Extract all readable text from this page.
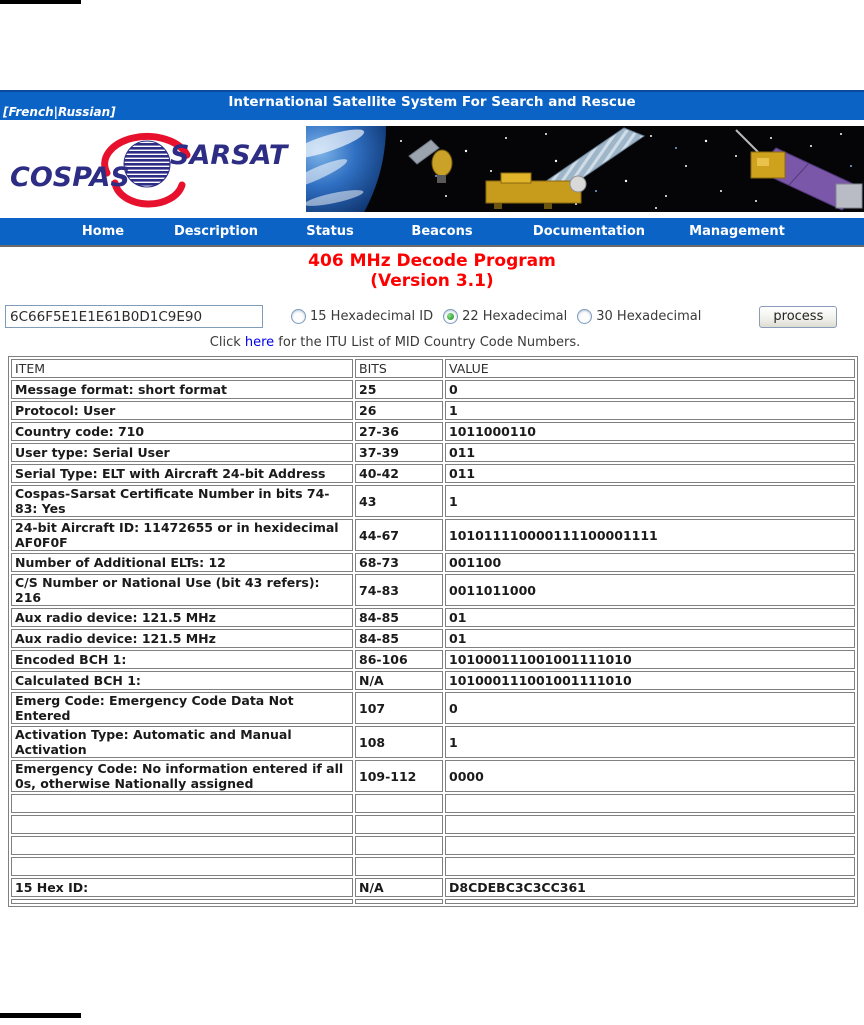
International Satellite System For Search and Rescue
[French|Russian]
COSPAS
SARSAT
Home	Description	Status	Beacons	Documentation	Management
406 MHz Decode Program
(Version 3.1)
6C66F5E1E1E61B0D1C9E90
15 Hexadecimal ID 22 Hexadecimal 30 Hexadecimal	process
Click here for the ITU List of MID Country Code Numbers.
ITEM	BITS	VALUE
Message format: short format	25	0
Protocol: User	26	1
Country code: 710	27-36	1011000110
User type: Serial User	37-39	011
Serial Type: ELT with Aircraft 24-bit Address	40-42	011
Cospas-Sarsat Certificate Number in bits 74-83: Yes	43	1
24-bit Aircraft ID: 11472655 or in hexidecimal AF0F0F	44-67	101011110000111100001111
Number of Additional ELTs: 12	68-73	001100
C/S Number or National Use (bit 43 refers): 216	74-83	0011011000
Aux radio device: 121.5 MHz	84-85	01
Aux radio device: 121.5 MHz	84-85	01
Encoded BCH 1:	86-106	101000111001001111010
Calculated BCH 1:	N/A	101000111001001111010
Emerg Code: Emergency Code Data Not Entered	107	0
Activation Type: Automatic and Manual Activation	108	1
Emergency Code: No information entered if all 0s, otherwise Nationally assigned	109-112	0000

15 Hex ID:	N/A	D8CDEBC3C3CC361
